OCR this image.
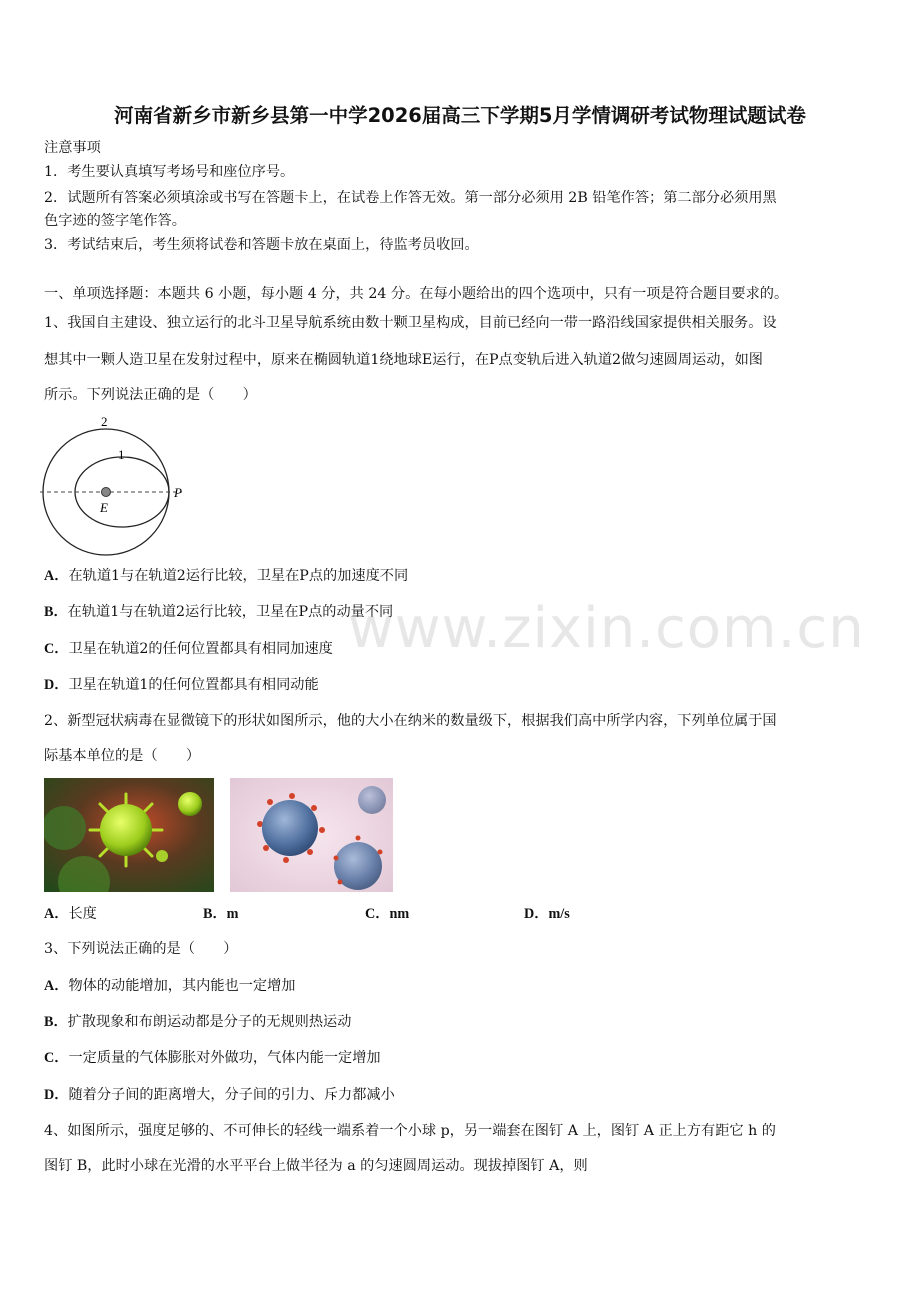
河南省新乡市新乡县第一中学2026届高三下学期5月学情调研考试物理试题试卷
注意事项
1．考生要认真填写考场号和座位序号。
2．试题所有答案必须填涂或书写在答题卡上，在试卷上作答无效。第一部分必须用 2B 铅笔作答；第二部分必须用黑
色字迹的签字笔作答。
3．考试结束后，考生须将试卷和答题卡放在桌面上，待监考员收回。
一、单项选择题：本题共 6 小题，每小题 4 分，共 24 分。在每小题给出的四个选项中，只有一项是符合题目要求的。
1、我国自主建设、独立运行的北斗卫星导航系统由数十颗卫星构成，目前已经向一带一路沿线国家提供相关服务。设
想其中一颗人造卫星在发射过程中，原来在椭圆轨道1绕地球E运行，在P点变轨后进入轨道2做匀速圆周运动，如图
所示。下列说法正确的是（　　）
2
1
E
P
A．在轨道1与在轨道2运行比较，卫星在P点的加速度不同
B．在轨道1与在轨道2运行比较，卫星在P点的动量不同
C．卫星在轨道2的任何位置都具有相同加速度
D．卫星在轨道1的任何位置都具有相同动能
www.zixin.com.cn
2、新型冠状病毒在显微镜下的形状如图所示，他的大小在纳米的数量级下，根据我们高中所学内容，下列单位属于国
际基本单位的是（　　）
A．长度	B．m	C．nm	D．m/s
3、下列说法正确的是（　　）
A．物体的动能增加，其内能也一定增加
B．扩散现象和布朗运动都是分子的无规则热运动
C．一定质量的气体膨胀对外做功，气体内能一定增加
D．随着分子间的距离增大，分子间的引力、斥力都减小
4、如图所示，强度足够的、不可伸长的轻线一端系着一个小球 p，另一端套在图钉 A 上，图钉 A 正上方有距它 h 的
图钉 B，此时小球在光滑的水平平台上做半径为 a 的匀速圆周运动。现拔掉图钉 A，则
